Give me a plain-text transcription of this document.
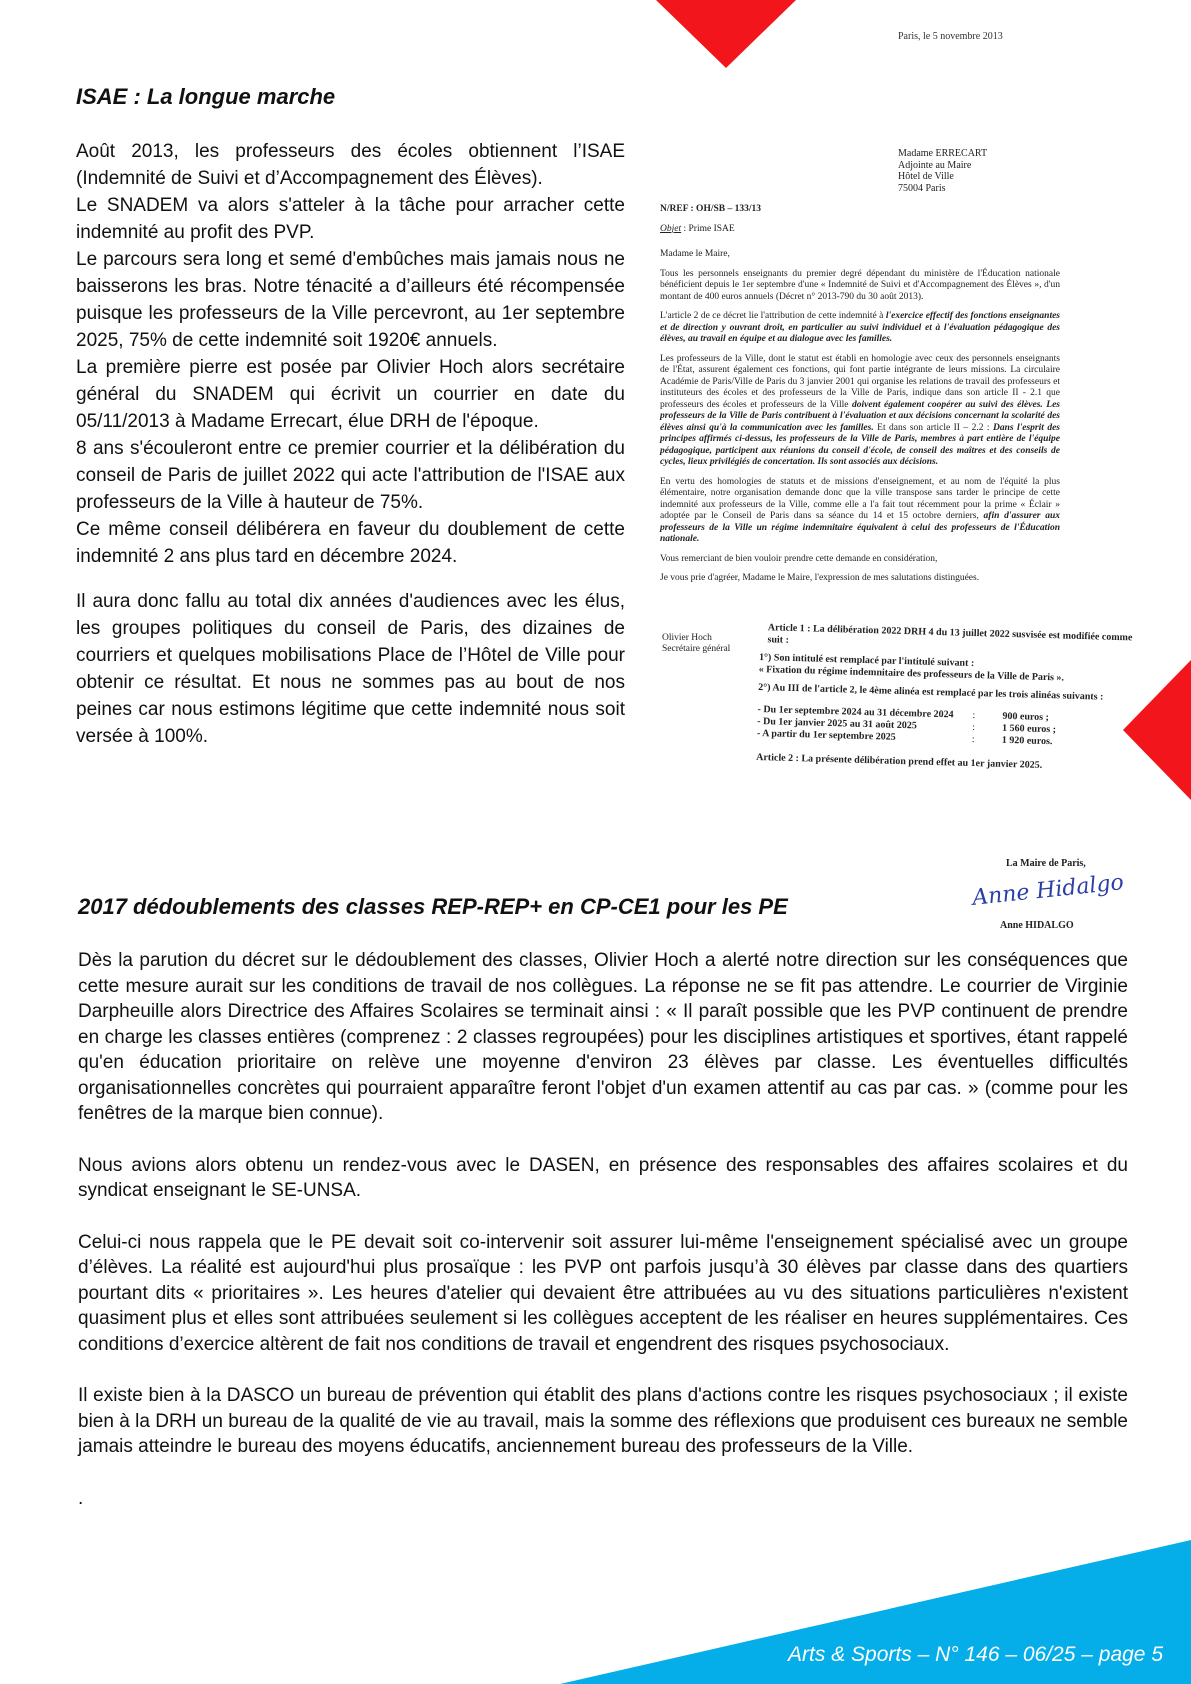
Arts & Sports – N° 146 – 06/25 – page 5
Paris, le 5 novembre 2013
ISAE : La longue marche

Août 2013, les professeurs des écoles obtiennent l’ISAE (Indemnité de Suivi et d’Accompagnement des Élèves).

Le SNADEM va alors s'atteler à la tâche pour arracher cette indemnité au profit des PVP.

Le parcours sera long et semé d'embûches mais jamais nous ne baisserons les bras. Notre ténacité a d’ailleurs été récompensée puisque les professeurs de la Ville percevront, au 1er septembre 2025, 75% de cette indemnité soit 1920€ annuels.

La première pierre est posée par Olivier Hoch alors secrétaire général du SNADEM qui écrivit un courrier en date du 05/11/2013 à Madame Errecart, élue DRH de l'époque.

8 ans s'écouleront entre ce premier courrier et la délibération du conseil de Paris de juillet 2022 qui acte l'attribution de l'ISAE aux professeurs de la Ville à hauteur de 75%.

Ce même conseil délibérera en faveur du doublement de cette indemnité 2 ans plus tard en décembre 2024.

Il aura donc fallu au total dix années d'audiences avec les élus, les groupes politiques du conseil de Paris, des dizaines de courriers et quelques mobilisations Place de l’Hôtel de Ville pour obtenir ce résultat. Et nous ne sommes pas au bout de nos peines car nous estimons légitime que cette indemnité nous soit versée à 100%.

Madame ERRECART
Adjointe au Maire
Hôtel de Ville
75004 Paris
N/REF : OH/SB – 133/13
Objet : Prime ISAE
Madame le Maire,

Tous les personnels enseignants du premier degré dépendant du ministère de l'Éducation nationale bénéficient depuis le 1er septembre d'une « Indemnité de Suivi et d'Accompagnement des Élèves », d'un montant de 400 euros annuels (Décret n° 2013-790 du 30 août 2013).

L'article 2 de ce décret lie l'attribution de cette indemnité à l'exercice effectif des fonctions enseignantes et de direction y ouvrant droit, en particulier au suivi individuel et à l'évaluation pédagogique des élèves, au travail en équipe et au dialogue avec les familles.

Les professeurs de la Ville, dont le statut est établi en homologie avec ceux des personnels enseignants de l'État, assurent également ces fonctions, qui font partie intégrante de leurs missions. La circulaire Académie de Paris/Ville de Paris du 3 janvier 2001 qui organise les relations de travail des professeurs et instituteurs des écoles et des professeurs de la Ville de Paris, indique dans son article II - 2.1 que professeurs des écoles et professeurs de la Ville doivent également coopérer au suivi des élèves. Les professeurs de la Ville de Paris contribuent à l'évaluation et aux décisions concernant la scolarité des élèves ainsi qu'à la communication avec les familles. Et dans son article II – 2.2 : Dans l'esprit des principes affirmés ci-dessus, les professeurs de la Ville de Paris, membres à part entière de l'équipe pédagogique, participent aux réunions du conseil d'école, de conseil des maîtres et des conseils de cycles, lieux privilégiés de concertation. Ils sont associés aux décisions.

En vertu des homologies de statuts et de missions d'enseignement, et au nom de l'équité la plus élémentaire, notre organisation demande donc que la ville transpose sans tarder le principe de cette indemnité aux professeurs de la Ville, comme elle a l'a fait tout récemment pour la prime « Éclair » adoptée par le Conseil de Paris dans sa séance du 14 et 15 octobre derniers, afin d'assurer aux professeurs de la Ville un régime indemnitaire équivalent à celui des professeurs de l'Éducation nationale.

Vous remerciant de bien vouloir prendre cette demande en considération,

Je vous prie d'agréer, Madame le Maire, l'expression de mes salutations distinguées.

Olivier Hoch
Secrétaire général
Article 1 : La délibération 2022 DRH 4 du 13 juillet 2022 susvisée est modifiée comme suit :
1°) Son intitulé est remplacé par l'intitulé suivant :
« Fixation du régime indemnitaire des professeurs de la Ville de Paris ».
2°) Au III de l'article 2, le 4ème alinéa est remplacé par les trois alinéas suivants :
- Du 1er septembre 2024 au 31 décembre 2024	:	900 euros ;
- Du 1er janvier 2025 au 31 août 2025	:	1 560 euros ;
- A partir du 1er septembre 2025	:	1 920 euros.
Article 2 : La présente délibération prend effet au 1er janvier 2025.
La Maire de Paris,
Anne Hidalgo
Anne HIDALGO
2017 dédoublements des classes REP-REP+ en CP-CE1 pour les PE

Dès la parution du décret sur le dédoublement des classes, Olivier Hoch a alerté notre direction sur les conséquences que cette mesure aurait sur les conditions de travail de nos collègues. La réponse ne se fit pas attendre. Le courrier de Virginie Darpheuille alors Directrice des Affaires Scolaires se terminait ainsi : « Il paraît possible que les PVP continuent de prendre en charge les classes entières (comprenez : 2 classes regroupées) pour les disciplines artistiques et sportives, étant rappelé qu'en éducation prioritaire on relève une moyenne d'environ 23 élèves par classe. Les éventuelles difficultés organisationnelles concrètes qui pourraient apparaître feront l'objet d'un examen attentif au cas par cas. » (comme pour les fenêtres de la marque bien connue).

Nous avions alors obtenu un rendez-vous avec le DASEN, en présence des responsables des affaires scolaires et du syndicat enseignant le SE-UNSA.

Celui-ci nous rappela que le PE devait soit co-intervenir soit assurer lui-même l'enseignement spécialisé avec un groupe d’élèves. La réalité est aujourd'hui plus prosaïque : les PVP ont parfois jusqu’à 30 élèves par classe dans des quartiers pourtant dits « prioritaires ». Les heures d'atelier qui devaient être attribuées au vu des situations particulières n'existent quasiment plus et elles sont attribuées seulement si les collègues acceptent de les réaliser en heures supplémentaires. Ces conditions d’exercice altèrent de fait nos conditions de travail et engendrent des risques psychosociaux.

Il existe bien à la DASCO un bureau de prévention qui établit des plans d'actions contre les risques psychosociaux ; il existe bien à la DRH un bureau de la qualité de vie au travail, mais la somme des réflexions que produisent ces bureaux ne semble jamais atteindre le bureau des moyens éducatifs, anciennement bureau des professeurs de la Ville.

.
